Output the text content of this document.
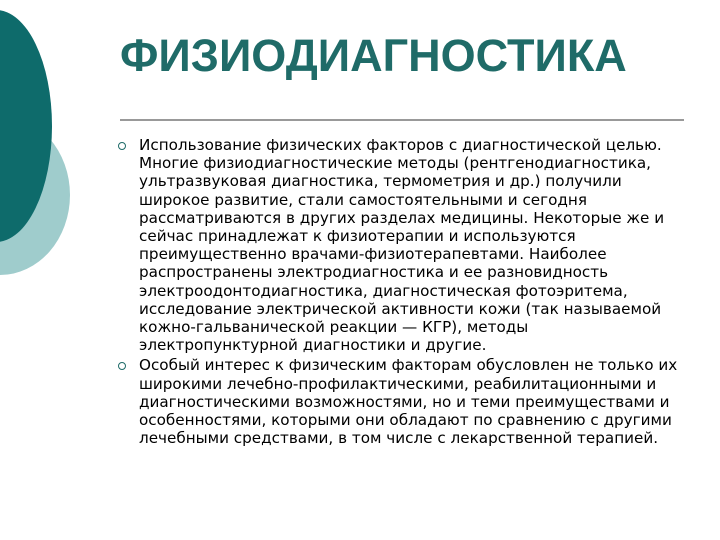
ФИЗИОДИАГНОСТИКА
Использование физических факторов с диагностической целью. Многие физиодиагностические методы (рентгенодиагностика, ультразвуковая диагностика, термометрия и др.) получили широкое развитие, стали самостоятельными и сегодня рассматриваются в других разделах медицины. Некоторые же и сейчас принадлежат к физиотерапии и используются преимущественно врачами-физиотерапевтами. Наиболее распространены электродиагностика и ее разновидность электроодонтодиагностика, диагностическая фотоэритема, исследование электрической активности кожи (так называемой кожно-гальванической реакции — КГР), методы электропунктурной диагностики и другие.
Особый интерес к физическим факторам обусловлен не только их широкими лечебно-профилактическими, реабилитационными и диагностическими возможностями, но и теми преимуществами и особенностями, которыми они обладают по сравнению с другими лечебными средствами, в том числе с лекарственной терапией.
